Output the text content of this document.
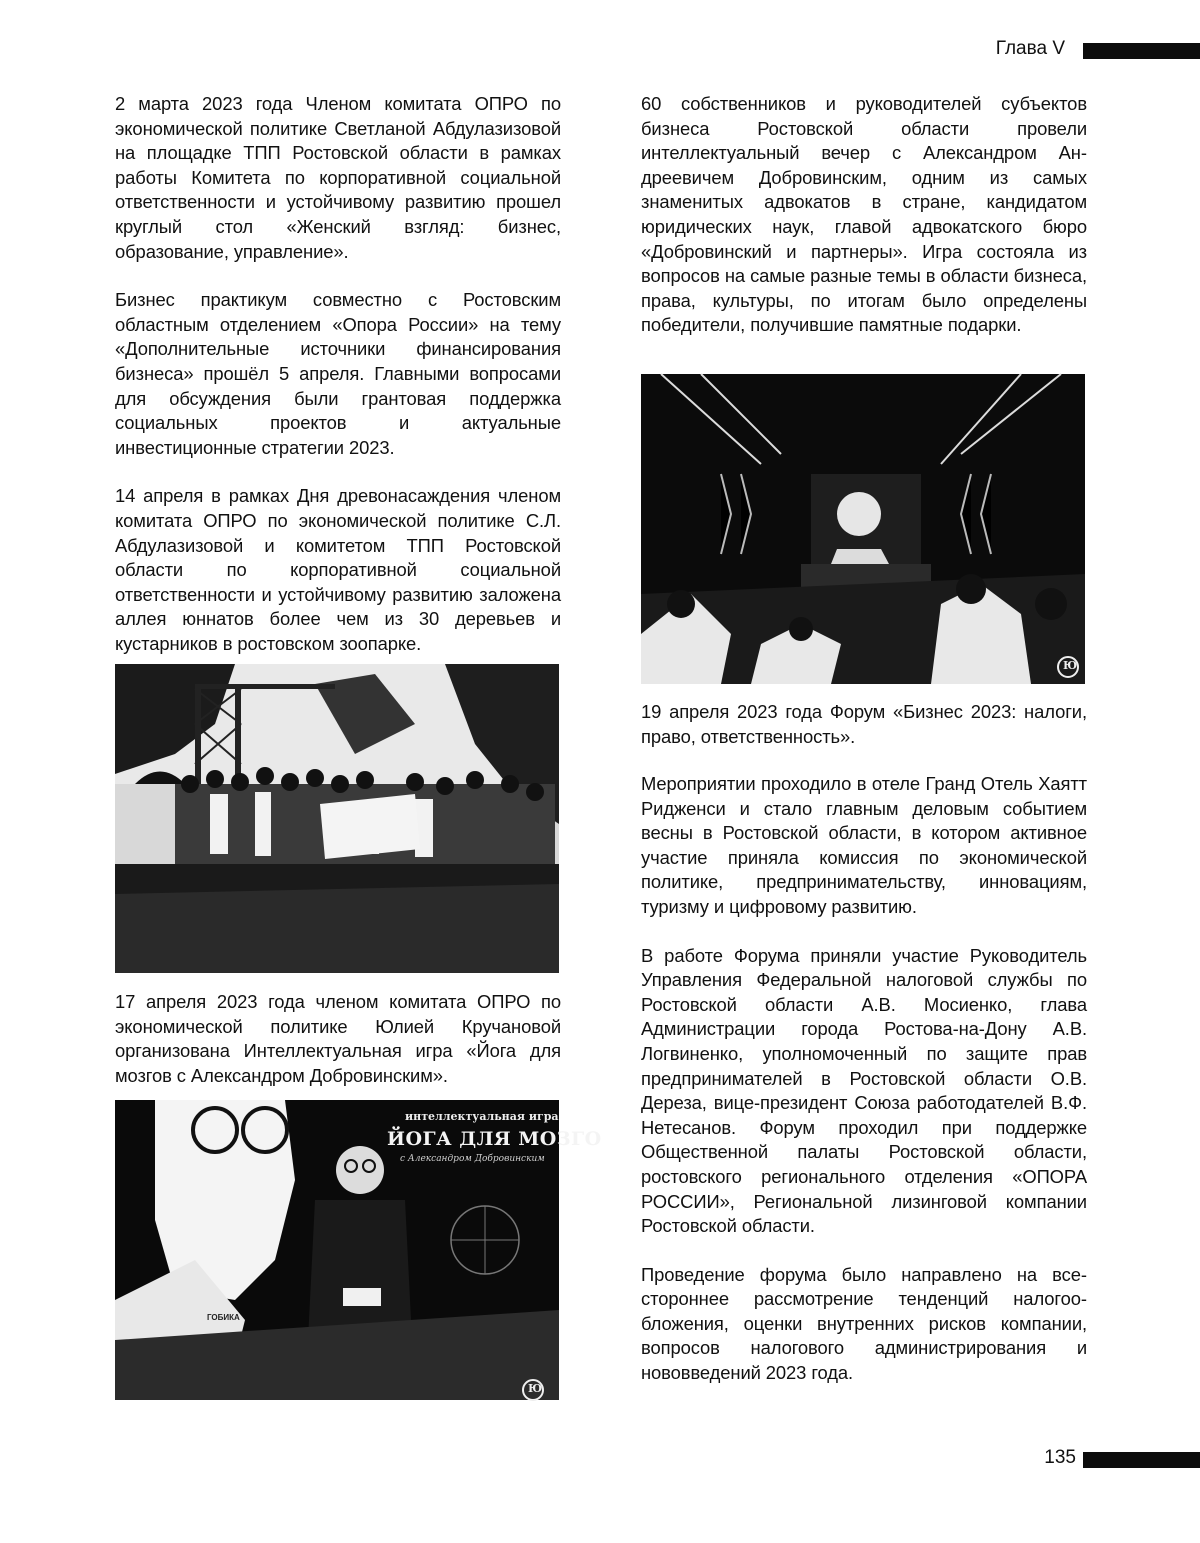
Глава V

2 марта 2023 года Членом комитата ОПРО по экономической политике Светланой Абдулазизовой на площадке ТПП Ростовской области в рамках работы Комитета по корпоративной социальной ответственности и устойчивому развитию прошел круглый стол «Женский взгляд: бизнес, образование, управление».

Бизнес практикум совместно с Ростовским областным отделением «Опора России» на тему «Дополнительные источники финансирования бизнеса» прошёл 5 апреля. Главными вопросами для обсуждения были грантовая поддержка социальных проектов и актуальные инвестиционные стратегии 2023.

14 апреля в рамках Дня древонасаждения членом комитата ОПРО по экономической политике С.Л. Абдулазизовой и комитетом ТПП Ростовской области по корпоративной социальной ответственности и устойчивому развитию заложена аллея юннатов более чем из 30 деревьев и кустарников в ростовском зоопарке.

17 апреля 2023 года членом комитата ОПРО по экономической политике Юлией Кручановой организована Интеллектуальная игра «Йога для мозгов с Александром Добровинским».

интеллектуальная игра
ЙОГА ДЛЯ МОЗГО
с Александром Добровинским
ГОБИКА
Ю

60 собственников и руководителей субъектов бизнеса Ростовской области провели интеллектуальный вечер с Александром Андреевичем Добровинским, одним из самых знаменитых адвокатов в стране, кандидатом юридических наук, главой адвокатского бюро «Добровинский и партнеры». Игра состояла из вопросов на самые разные темы в области бизнеса, права, культуры, по итогам было определены победители, получившие памятные подарки.

Ю

19 апреля 2023 года Форум «Бизнес 2023: налоги, право, ответственность».

Мероприятии проходило в отеле Гранд Отель Хаятт Ридженси и стало главным деловым событием весны в Ростовской области, в котором активное участие приняла комиссия по экономической политике, предпринимательству, инновациям, туризму и цифровому развитию.

В работе Форума приняли участие Руководитель Управления Федеральной налоговой службы по Ростовской области А.В. Мосиенко, глава Администрации города Ростова-на-Дону А.В. Логвиненко, уполномоченный по защите прав предпринимателей в Ростовской области О.В. Дереза, вице-президент Союза работодателей В.Ф. Нетесанов. Форум проходил при поддержке Общественной палаты Ростовской области, ростовского регионального отделения «ОПОРА РОССИИ», Региональной лизинговой компании Ростовской области.

Проведение форума было направлено на всестороннее рассмотрение тенденций налогообложения, оценки внутренних рисков компании, вопросов налогового администрирования и нововведений 2023 года.

135
